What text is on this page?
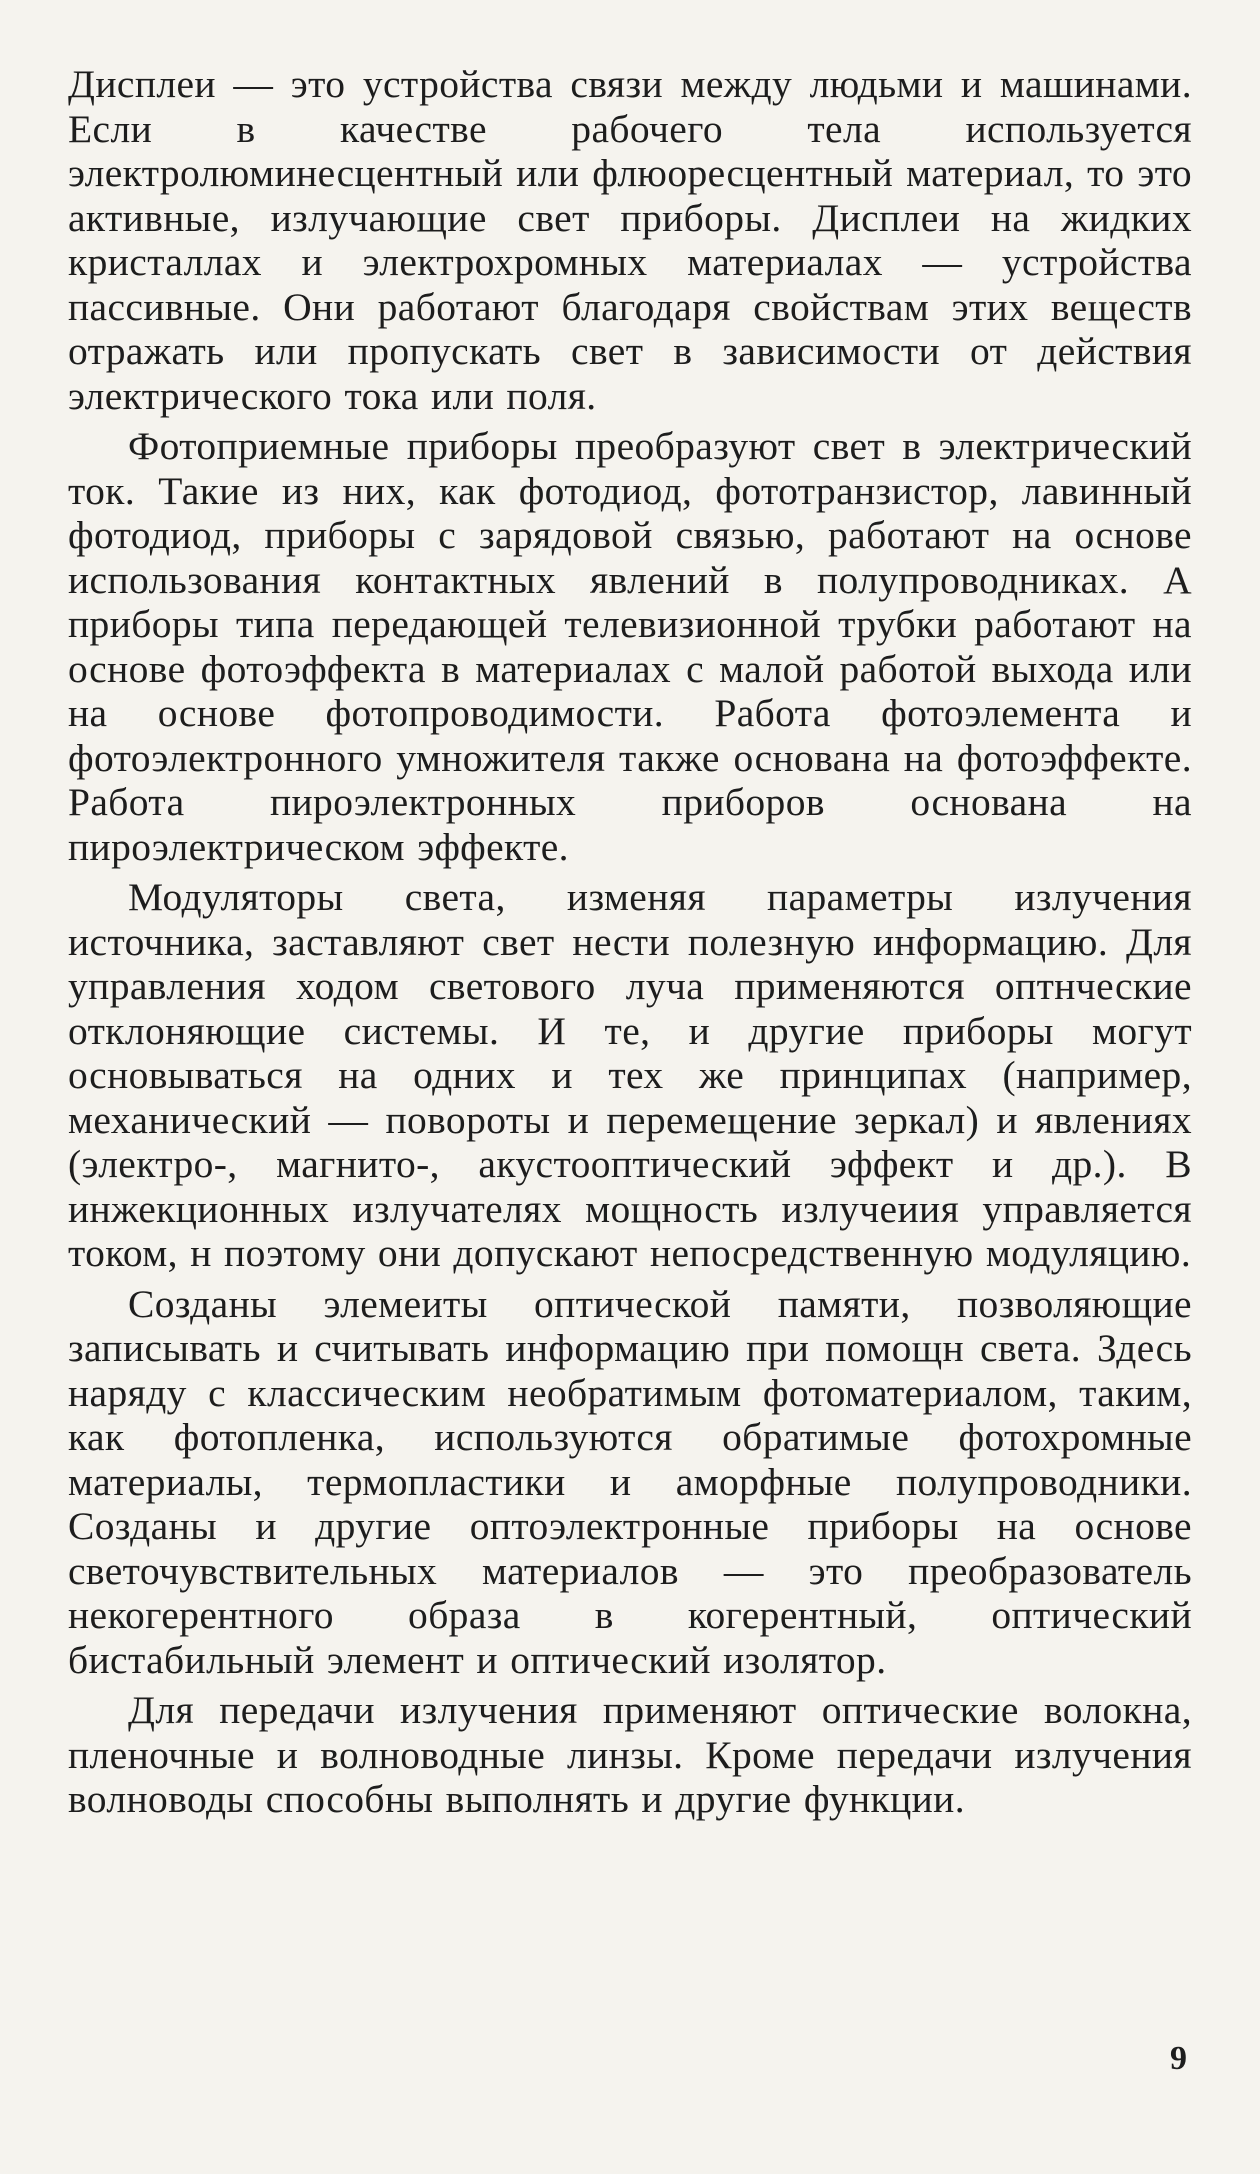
Дисплеи — это устройства связи между людьми и машинами. Если в качестве рабочего тела используется электролюминесцентный или флюоресцентный материал, то это активные, излучающие свет приборы. Дисплеи на жидких кристаллах и электрохромных материалах — устройства пассивные. Они работают благодаря свойствам этих веществ отражать или пропускать свет в зависимости от действия электрического тока или поля.

Фотоприемные приборы преобразуют свет в электрический ток. Такие из них, как фотодиод, фототранзистор, лавинный фотодиод, приборы с зарядовой связью, работают на основе использования контактных явлений в полупроводниках. А приборы типа передающей телевизионной трубки работают на основе фотоэффекта в материалах с малой работой выхода или на основе фотопроводимости. Работа фотоэлемента и фотоэлектронного умножителя также основана на фотоэффекте. Работа пироэлектронных приборов основана на пироэлектрическом эффекте.

Модуляторы света, изменяя параметры излучения источника, заставляют свет нести полезную информацию. Для управления ходом светового луча применяются оптнческие отклоняющие системы. И те, и другие приборы могут основываться на одних и тех же принципах (например, механический — повороты и перемещение зеркал) и явлениях (электро-, магнито-, акустооптический эффект и др.). В инжекционных излучателях мощность излучеиия управляется током, н поэтому они допускают непосредственную модуляцию.

Созданы элемеиты оптической памяти, позволяющие записывать и считывать информацию при помощн света. Здесь наряду с классическим необратимым фотоматериалом, таким, как фотопленка, используются обратимые фотохромные материалы, термопластики и аморфные полупроводники. Созданы и другие оптоэлектронные приборы на основе светочувствительных материалов — это преобразователь некогерентного образа в когерентный, оптический бистабильный элемент и оптический изолятор.

Для передачи излучения применяют оптические волокна, пленочные и волноводные линзы. Кроме передачи излучения волноводы способны выполнять и другие функции.

9
